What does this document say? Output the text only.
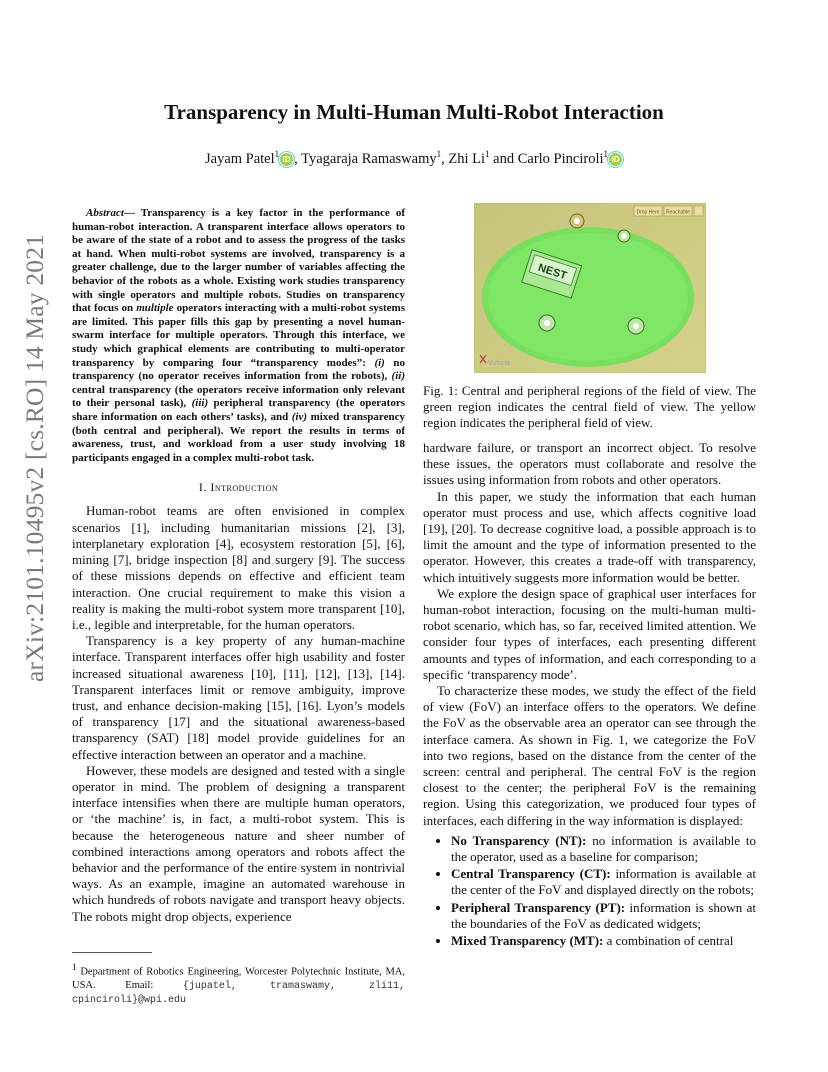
arXiv:2101.10495v2 [cs.RO] 14 May 2021
Transparency in Multi-Human Multi-Robot Interaction
Jayam Patel$^1$iD , Tyagaraja Ramaswamy$^1$, Zhi Li$^1$ and Carlo Pinciroli$^1$iD
Abstract— Transparency is a key factor in the performance of human-robot interaction. A transparent interface allows operators to be aware of the state of a robot and to assess the progress of the tasks at hand. When multi-robot systems are involved, transparency is a greater challenge, due to the larger number of variables affecting the behavior of the robots as a whole. Existing work studies transparency with single operators and multiple robots. Studies on transparency that focus on multiple operators interacting with a multi-robot systems are limited. This paper fills this gap by presenting a novel human-swarm interface for multiple operators. Through this interface, we study which graphical elements are contributing to multi-operator transparency by comparing four “transparency modes”: (i) no transparency (no operator receives information from the robots), (ii) central transparency (the operators receive information only relevant to their personal task), (iii) peripheral transparency (the operators share information on each others’ tasks), and (iv) mixed transparency (both central and peripheral). We report the results in terms of awareness, trust, and workload from a user study involving 18 participants engaged in a complex multi-robot task.
I. Introduction

Human-robot teams are often envisioned in complex scenarios [1], including humanitarian missions [2], [3], interplanetary exploration [4], ecosystem restoration [5], [6], mining [7], bridge inspection [8] and surgery [9]. The success of these missions depends on effective and efficient team interaction. One crucial requirement to make this vision a reality is making the multi-robot system more transparent [10], i.e., legible and interpretable, for the human operators.

Transparency is a key property of any human-machine interface. Transparent interfaces offer high usability and foster increased situational awareness [10], [11], [12], [13], [14]. Transparent interfaces limit or remove ambiguity, improve trust, and enhance decision-making [15], [16]. Lyon’s models of transparency [17] and the situational awareness-based transparency (SAT) [18] model provide guidelines for an effective interaction between an operator and a machine.

However, these models are designed and tested with a single operator in mind. The problem of designing a transparent interface intensifies when there are multiple human operators, or ‘the machine’ is, in fact, a multi-robot system. This is because the heterogeneous nature and sheer number of combined interactions among operators and robots affect the behavior and the performance of the entire system in nontrivial ways. As an example, imagine an automated warehouse in which hundreds of robots navigate and transport heavy objects. The robots might drop objects, experience

$^1$ Department of Robotics Engineering, Worcester Polytechnic Institute, MA, USA. Email: {jupatel, tramaswamy, zli11, cpinciroli}@wpi.edu
NEST
Drop Here Reachable
Vuforia
Fig. 1: Central and peripheral regions of the field of view. The green region indicates the central field of view. The yellow region indicates the peripheral field of view.

hardware failure, or transport an incorrect object. To resolve these issues, the operators must collaborate and resolve the issues using information from robots and other operators.

In this paper, we study the information that each human operator must process and use, which affects cognitive load [19], [20]. To decrease cognitive load, a possible approach is to limit the amount and the type of information presented to the operator. However, this creates a trade-off with transparency, which intuitively suggests more information would be better.

We explore the design space of graphical user interfaces for human-robot interaction, focusing on the multi-human multi-robot scenario, which has, so far, received limited attention. We consider four types of interfaces, each presenting different amounts and types of information, and each corresponding to a specific ‘transparency mode’.

To characterize these modes, we study the effect of the field of view (FoV) an interface offers to the operators. We define the FoV as the observable area an operator can see through the interface camera. As shown in Fig. 1, we categorize the FoV into two regions, based on the distance from the center of the screen: central and peripheral. The central FoV is the region closest to the center; the peripheral FoV is the remaining region. Using this categorization, we produced four types of interfaces, each differing in the way information is displayed:

• No Transparency (NT): no information is available to the operator, used as a baseline for comparison;
• Central Transparency (CT): information is available at the center of the FoV and displayed directly on the robots;
• Peripheral Transparency (PT): information is shown at the boundaries of the FoV as dedicated widgets;
• Mixed Transparency (MT): a combination of central
